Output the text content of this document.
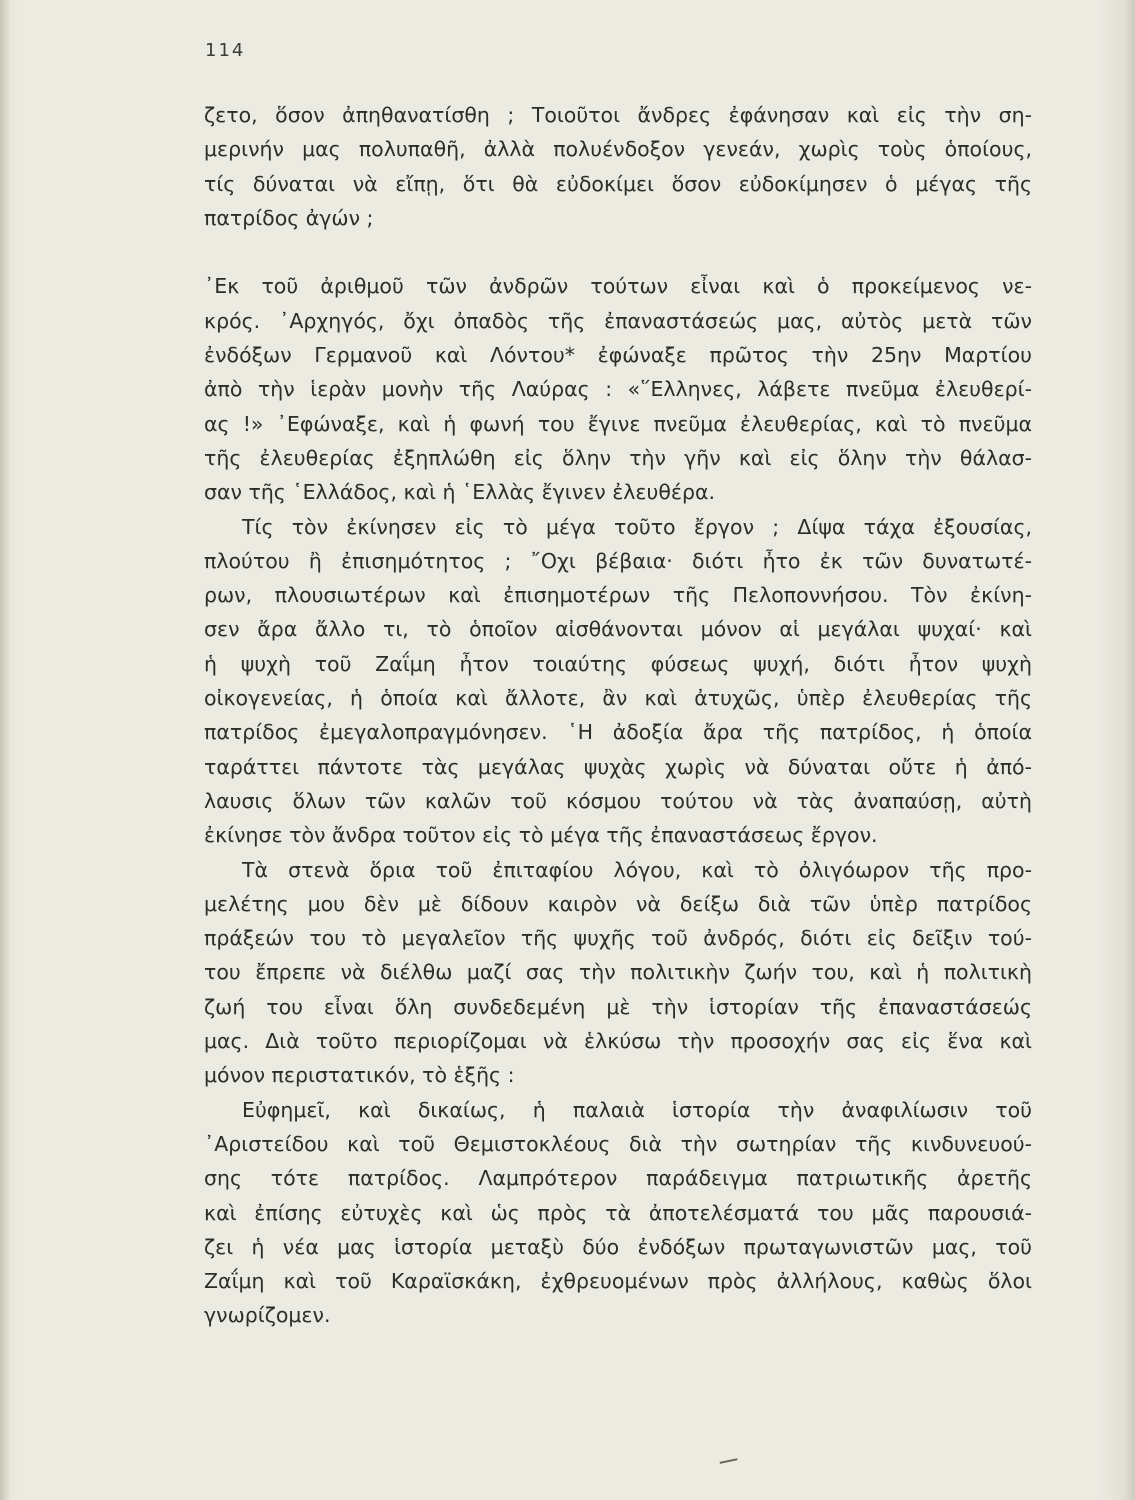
114
ζετο, ὅσον ἀπηθανατίσθη ; Τοιοῦτοι ἄνδρες ἐφάνησαν καὶ εἰς τὴν ση-
μερινήν μας πολυπαθῆ, ἀλλὰ πολυένδοξον γενεάν, χωρὶς τοὺς ὁποίους,
τίς δύναται νὰ εἴπῃ, ὅτι θὰ εὐδοκίμει ὅσον εὐδοκίμησεν ὁ μέγας τῆς
πατρίδος ἀγών ;
᾿Εκ τοῦ ἀριθμοῦ τῶν ἀνδρῶν τούτων εἶναι καὶ ὁ προκείμενος νε-
κρός. ᾿Αρχηγός, ὄχι ὀπαδὸς τῆς ἐπαναστάσεώς μας, αὐτὸς μετὰ τῶν
ἐνδόξων Γερμανοῦ καὶ Λόντου* ἐφώναξε πρῶτος τὴν 25ην Μαρτίου
ἀπὸ τὴν ἱερὰν μονὴν τῆς Λαύρας : «῞Ελληνες, λάβετε πνεῦμα ἐλευθερί-
ας !» ᾿Εφώναξε, καὶ ἡ φωνή του ἔγινε πνεῦμα ἐλευθερίας, καὶ τὸ πνεῦμα
τῆς ἐλευθερίας ἐξηπλώθη εἰς ὅλην τὴν γῆν καὶ εἰς ὅλην τὴν θάλασ-
σαν τῆς ῾Ελλάδος, καὶ ἡ ῾Ελλὰς ἔγινεν ἐλευθέρα.
Τίς τὸν ἐκίνησεν εἰς τὸ μέγα τοῦτο ἔργον ; Δίψα τάχα ἐξουσίας,
πλούτου ἢ ἐπισημότητος ; ῎Οχι βέβαια· διότι ἦτο ἐκ τῶν δυνατωτέ-
ρων, πλουσιωτέρων καὶ ἐπισημοτέρων τῆς Πελοποννήσου. Τὸν ἐκίνη-
σεν ἄρα ἄλλο τι, τὸ ὁποῖον αἰσθάνονται μόνον αἱ μεγάλαι ψυχαί· καὶ
ἡ ψυχὴ τοῦ Ζαΐμη ἦτον τοιαύτης φύσεως ψυχή, διότι ἦτον ψυχὴ
οἰκογενείας, ἡ ὁποία καὶ ἄλλοτε, ἂν καὶ ἀτυχῶς, ὑπὲρ ἐλευθερίας τῆς
πατρίδος ἐμεγαλοπραγμόνησεν. ῾Η ἀδοξία ἄρα τῆς πατρίδος, ἡ ὁποία
ταράττει πάντοτε τὰς μεγάλας ψυχὰς χωρὶς νὰ δύναται οὔτε ἡ ἀπό-
λαυσις ὅλων τῶν καλῶν τοῦ κόσμου τούτου νὰ τὰς ἀναπαύσῃ, αὐτὴ
ἐκίνησε τὸν ἄνδρα τοῦτον εἰς τὸ μέγα τῆς ἐπαναστάσεως ἔργον.
Τὰ στενὰ ὅρια τοῦ ἐπιταφίου λόγου, καὶ τὸ ὀλιγόωρον τῆς προ-
μελέτης μου δὲν μὲ δίδουν καιρὸν νὰ δείξω διὰ τῶν ὑπὲρ πατρίδος
πράξεών του τὸ μεγαλεῖον τῆς ψυχῆς τοῦ ἀνδρός, διότι εἰς δεῖξιν τού-
του ἔπρεπε νὰ διέλθω μαζί σας τὴν πολιτικὴν ζωήν του, καὶ ἡ πολιτικὴ
ζωή του εἶναι ὅλη συνδεδεμένη μὲ τὴν ἱστορίαν τῆς ἐπαναστάσεώς
μας. Διὰ τοῦτο περιορίζομαι νὰ ἑλκύσω τὴν προσοχήν σας εἰς ἕνα καὶ
μόνον περιστατικόν, τὸ ἑξῆς :
Εὐφημεῖ, καὶ δικαίως, ἡ παλαιὰ ἱστορία τὴν ἀναφιλίωσιν τοῦ
᾿Αριστείδου καὶ τοῦ Θεμιστοκλέους διὰ τὴν σωτηρίαν τῆς κινδυνευού-
σης τότε πατρίδος. Λαμπρότερον παράδειγμα πατριωτικῆς ἀρετῆς
καὶ ἐπίσης εὐτυχὲς καὶ ὡς πρὸς τὰ ἀποτελέσματά του μᾶς παρουσιά-
ζει ἡ νέα μας ἱστορία μεταξὺ δύο ἐνδόξων πρωταγωνιστῶν μας, τοῦ
Ζαΐμη καὶ τοῦ Καραϊσκάκη, ἐχθρευομένων πρὸς ἀλλήλους, καθὼς ὅλοι
γνωρίζομεν.
